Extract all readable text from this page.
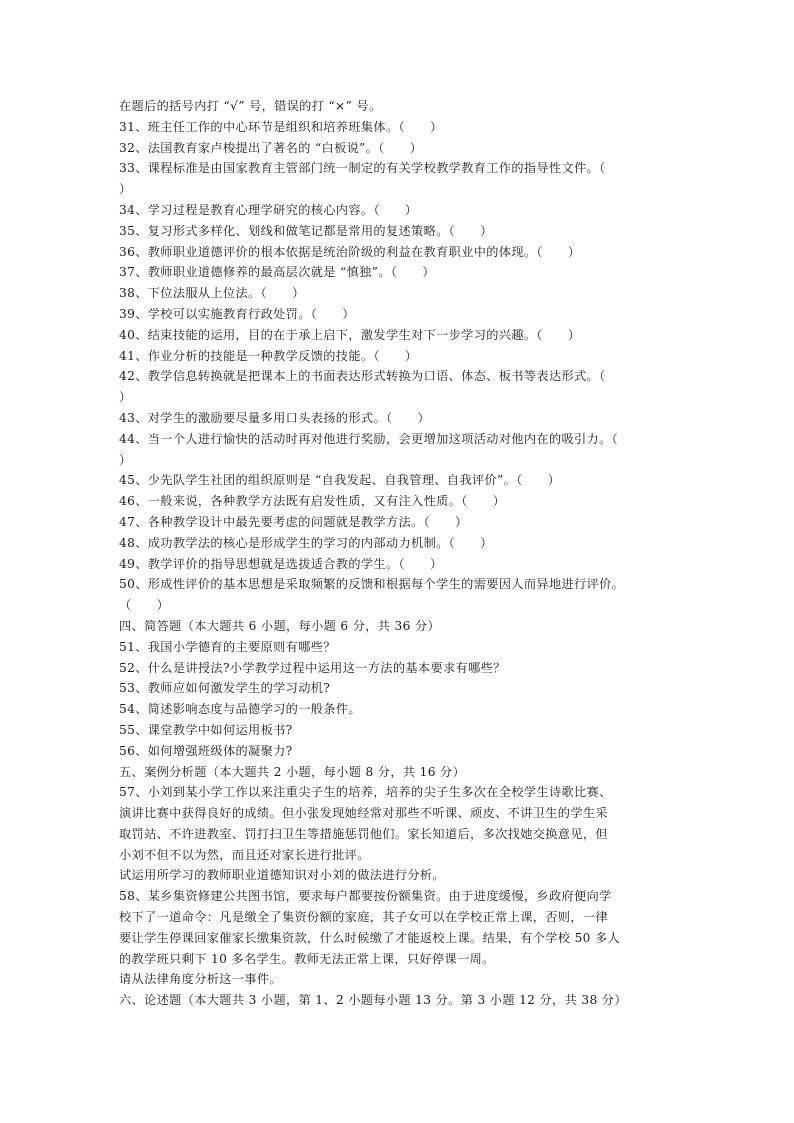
在题后的括号内打 “√” 号，错误的打 “×” 号。
31、班主任工作的中心环节是组织和培养班集体。（　　）
32、法国教育家卢梭提出了著名的 “白板说”。（　　）
33、课程标准是由国家教育主管部门统一制定的有关学校教学教育工作的指导性文件。（
）
34、学习过程是教育心理学研究的核心内容。（　　）
35、复习形式多样化、划线和做笔记都是常用的复述策略。（　　）
36、教师职业道德评价的根本依据是统治阶级的利益在教育职业中的体现。（　　）
37、教师职业道德修养的最高层次就是 “慎独”。（　　）
38、下位法服从上位法。（　　）
39、学校可以实施教育行政处罚。（　　）
40、结束技能的运用，目的在于承上启下，激发学生对下一步学习的兴趣。（　　）
41、作业分析的技能是一种教学反馈的技能。（　　）
42、教学信息转换就是把课本上的书面表达形式转换为口语、体态、板书等表达形式。（
）
43、对学生的激励要尽量多用口头表扬的形式。（　　）
44、当一个人进行愉快的活动时再对他进行奖励，会更增加这项活动对他内在的吸引力。（
）
45、少先队学生社团的组织原则是 “自我发起、自我管理、自我评价”。（　　）
46、一般来说，各种教学方法既有启发性质，又有注入性质。（　　）
47、各种教学设计中最先要考虑的问题就是教学方法。（　　）
48、成功教学法的核心是形成学生的学习的内部动力机制。（　　）
49、教学评价的指导思想就是选拔适合教的学生。（　　）
50、形成性评价的基本思想是采取频繁的反馈和根据每个学生的需要因人而异地进行评价。
（　　）
四、简答题（本大题共 6 小题，每小题 6 分，共 36 分）
51、我国小学德育的主要原则有哪些？
52、什么是讲授法?小学教学过程中运用这一方法的基本要求有哪些？
53、教师应如何激发学生的学习动机?
54、简述影响态度与品德学习的一般条件。
55、课堂教学中如何运用板书?
56、如何增强班级体的凝聚力?
五、案例分析题（本大题共 2 小题，每小题 8 分，共 16 分）
57、小刘到某小学工作以来注重尖子生的培养，培养的尖子生多次在全校学生诗歌比赛、
演讲比赛中获得良好的成绩。但小张发现她经常对那些不听课、顽皮、不讲卫生的学生采
取罚站、不许进教室、罚打扫卫生等措施惩罚他们。家长知道后，多次找她交换意见，但
小刘不但不以为然，而且还对家长进行批评。
试运用所学习的教师职业道德知识对小刘的做法进行分析。
58、某乡集资修建公共图书馆，要求每户都要按份额集资。由于进度缓慢，乡政府便向学
校下了一道命令：凡是缴全了集资份额的家庭，其子女可以在学校正常上课，否则，一律
要让学生停课回家催家长缴集资款，什么时候缴了才能返校上课。结果，有个学校 50 多人
的教学班只剩下 10 多名学生。教师无法正常上课，只好停课一周。
请从法律角度分析这一事件。
六、论述题（本大题共 3 小题，第 1、2 小题每小题 13 分。第 3 小题 12 分，共 38 分）
